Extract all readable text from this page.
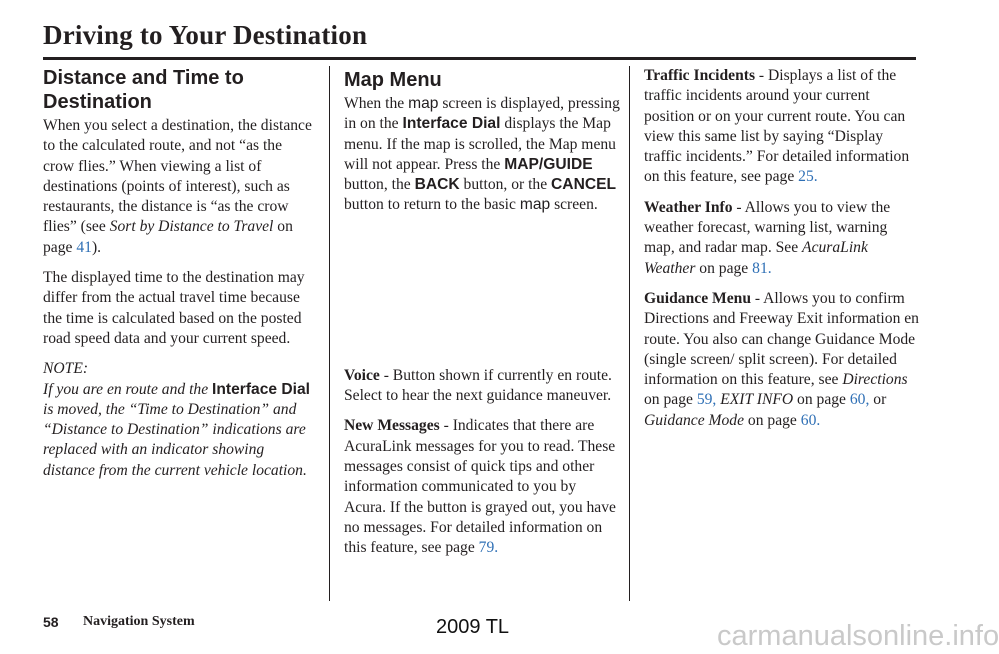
Driving to Your Destination
Distance and Time to
Destination

When you select a destination, the distance to the calculated route, and not “as the crow flies.” When viewing a list of destinations (points of interest), such as restaurants, the distance is “as the crow flies” (see Sort by Distance to Travel on page 41).

The displayed time to the destination may differ from the actual travel time because the time is calculated based on the posted road speed data and your current speed.

NOTE:
If you are en route and the Interface Dial is moved, the “Time to Destination” and “Distance to Destination” indications are replaced with an indicator showing distance from the current vehicle location.

Map Menu

When the map screen is displayed, pressing in on the Interface Dial displays the Map menu. If the map is scrolled, the Map menu will not appear. Press the MAP/GUIDE button, the BACK button, or the CANCEL button to return to the basic map screen.

Voice - Button shown if currently en route. Select to hear the next guidance maneuver.

New Messages - Indicates that there are AcuraLink messages for you to read. These messages consist of quick tips and other information communicated to you by Acura. If the button is grayed out, you have no messages. For detailed information on this feature, see page 79.

Traffic Incidents - Displays a list of the traffic incidents around your current position or on your current route. You can view this same list by saying “Display traffic incidents.” For detailed information on this feature, see page 25.

Weather Info - Allows you to view the weather forecast, warning list, warning map, and radar map. See AcuraLink Weather on page 81.

Guidance Menu - Allows you to confirm Directions and Freeway Exit information en route. You also can change Guidance Mode (single screen/ split screen). For detailed information on this feature, see Directions on page 59, EXIT INFO on page 60, or Guidance Mode on page 60.

58 Navigation System	2009 TL	carmanualsonline.info
